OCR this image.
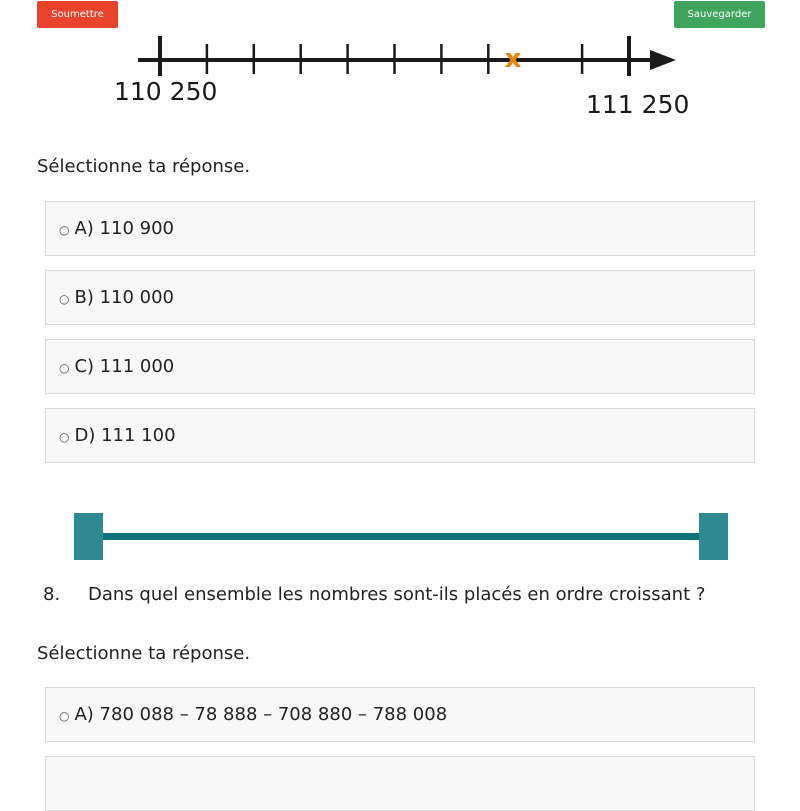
Soumettre	Sauvegarder
x
110 250	111 250

Sélectionne ta réponse.

○ A) 110 900
○ B) 110 000
○ C) 111 000
○ D) 111 100
8. Dans quel ensemble les nombres sont-ils placés en ordre croissant ?

Sélectionne ta réponse.

○ A) 780 088 – 78 888 – 708 880 – 788 008
